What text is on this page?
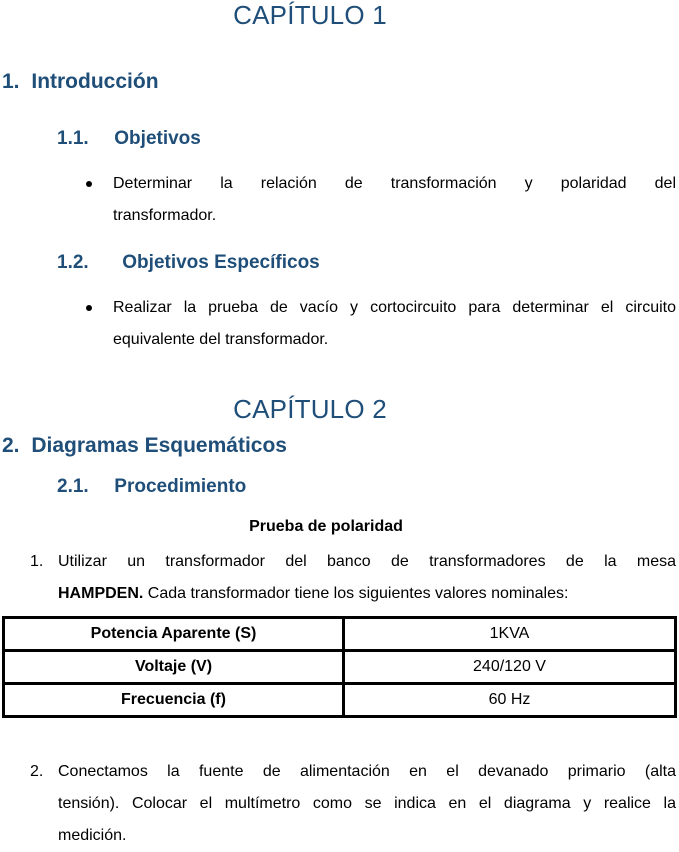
CAPÍTULO 1
1. Introducción
1.1. Objetivos
Determinar la relación de transformación y polaridad del
transformador.
1.2. Objetivos Específicos
Realizar la prueba de vacío y cortocircuito para determinar el circuito
equivalente del transformador.
CAPÍTULO 2
2. Diagramas Esquemáticos
2.1. Procedimiento
Prueba de polaridad
1. Utilizar un transformador del banco de transformadores de la mesa
HAMPDEN. Cada transformador tiene los siguientes valores nominales:
Potencia Aparente (S)	1KVA
Voltaje (V)	240/120 V
Frecuencia (f)	60 Hz
2. Conectamos la fuente de alimentación en el devanado primario (alta
tensión). Colocar el multímetro como se indica en el diagrama y realice la
medición.
